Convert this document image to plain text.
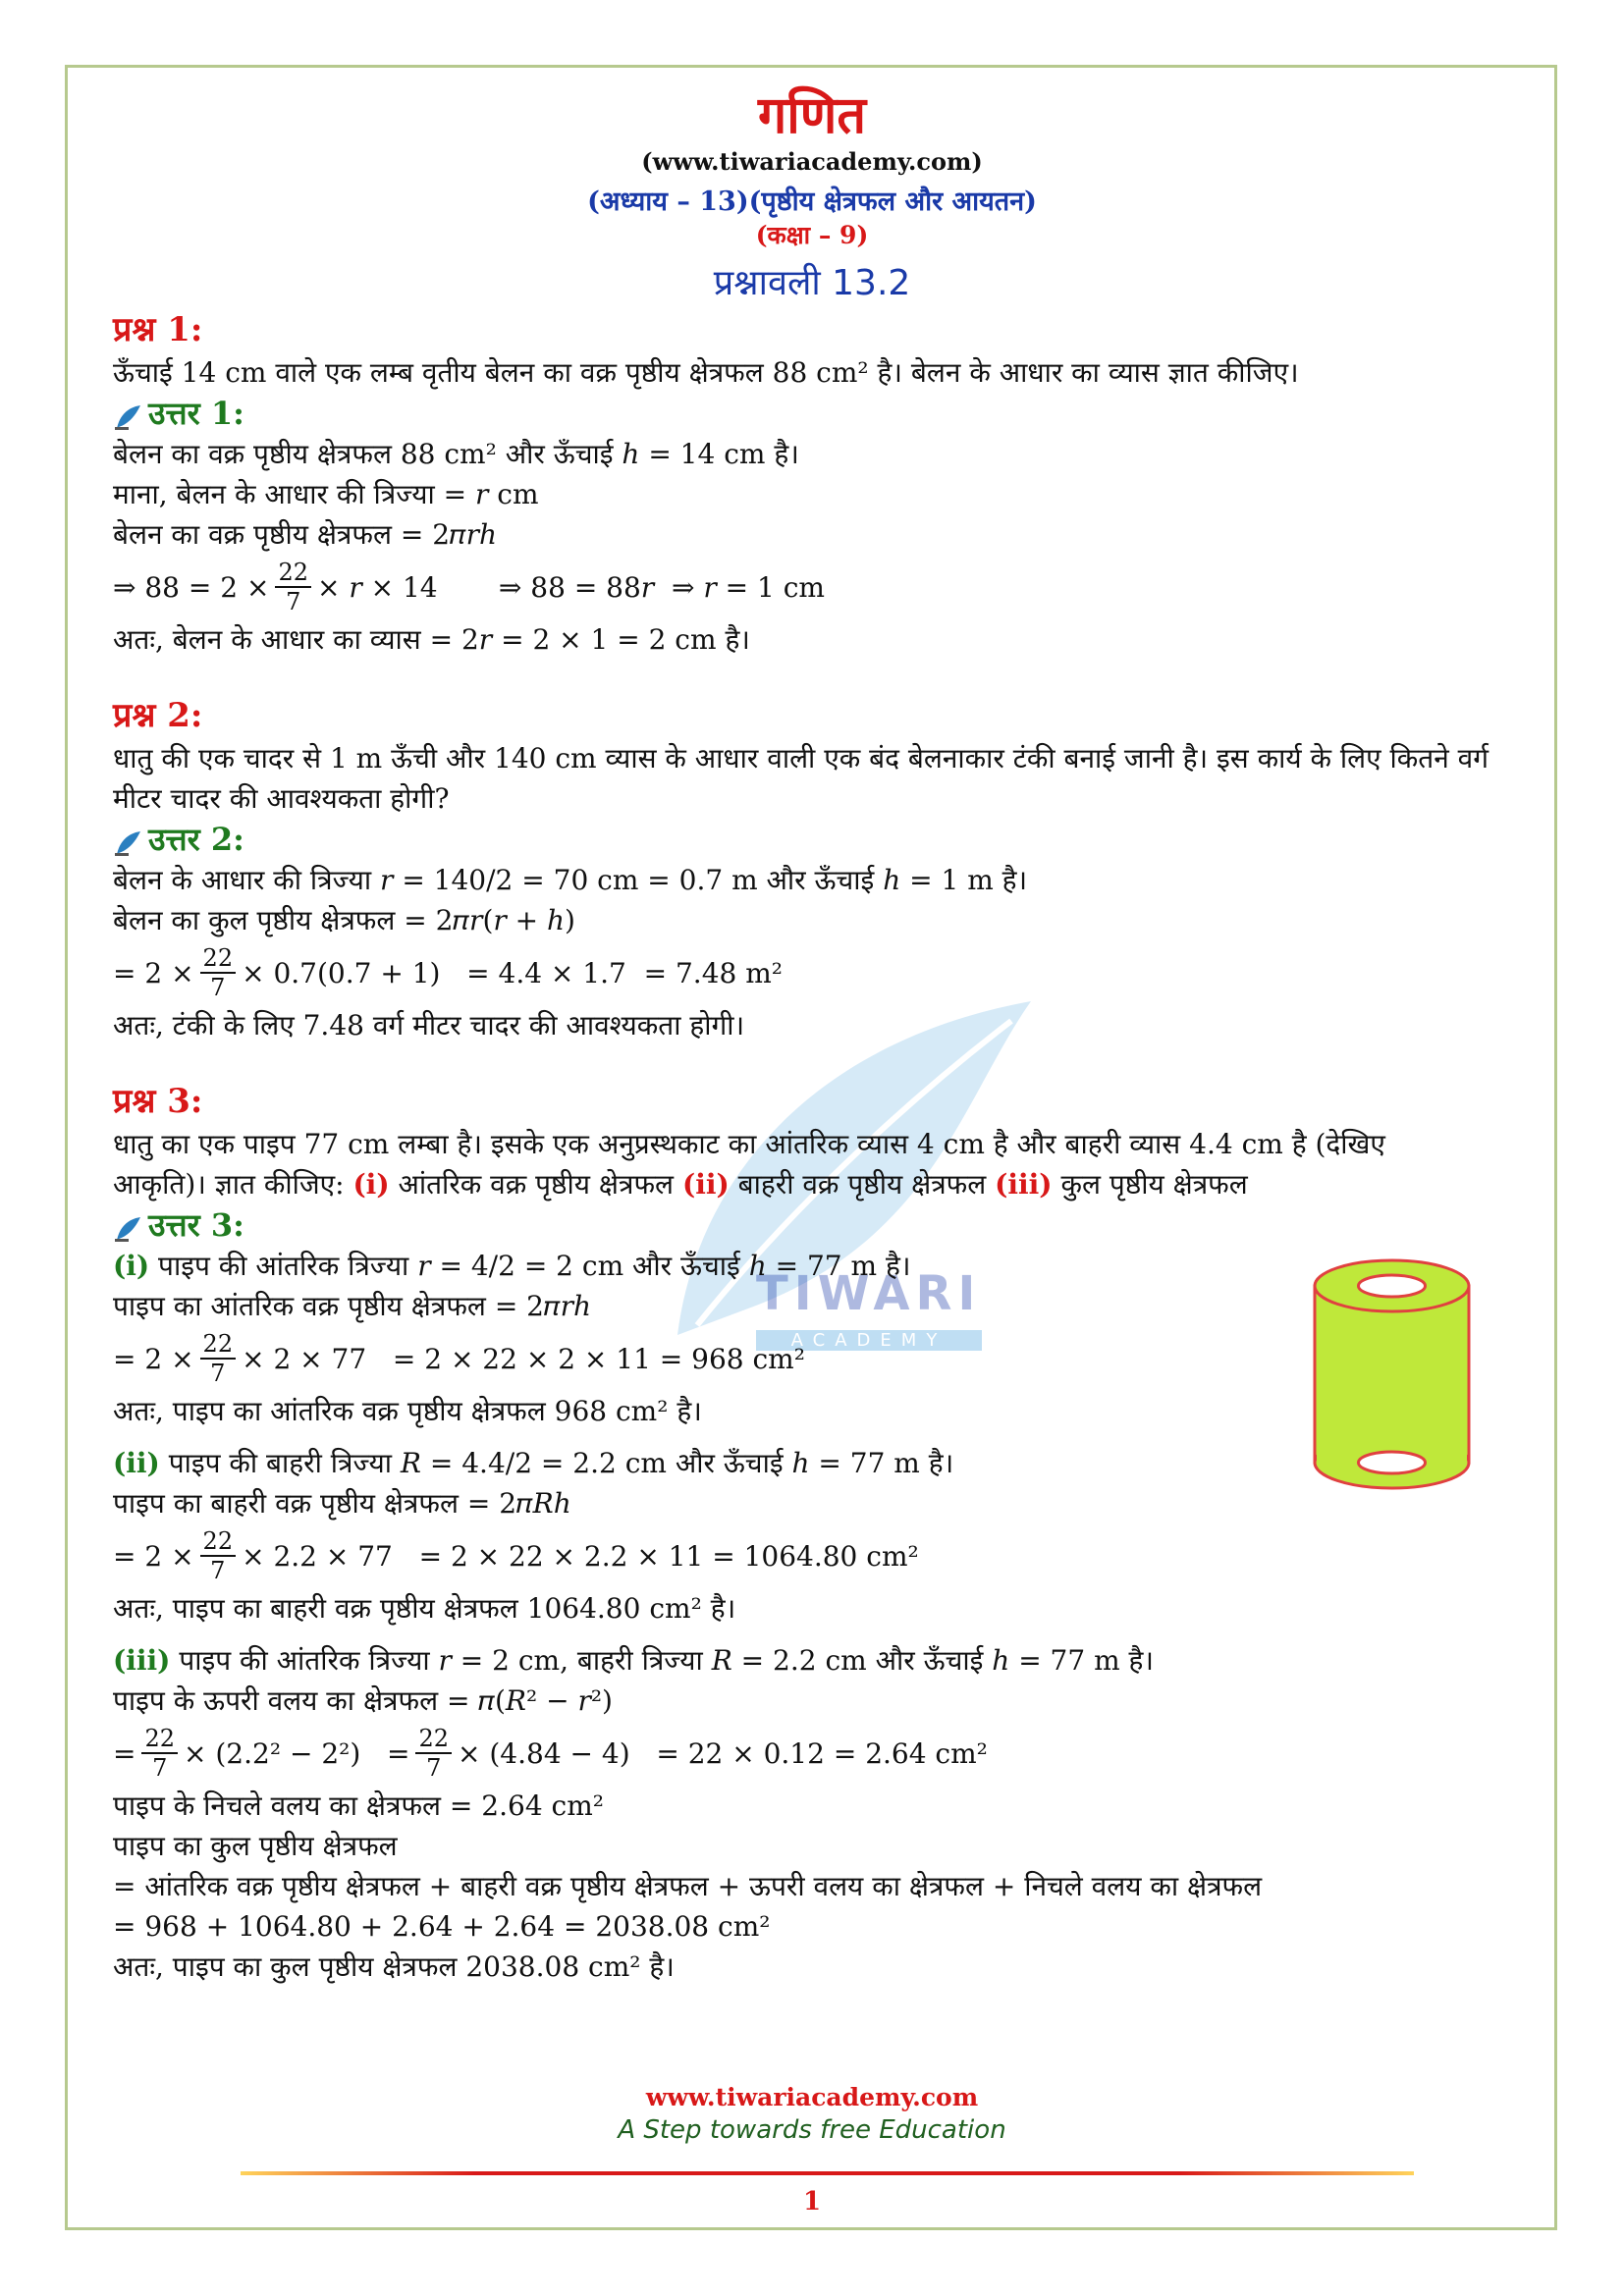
गणित
(www.tiwariacademy.com)
(अध्याय – 13)(पृष्ठीय क्षेत्रफल और आयतन)
(कक्षा – 9)
प्रश्नावली 13.2
TIWARI
ACADEMY
प्रश्न 1:
ऊँचाई 14 cm वाले एक लम्ब वृतीय बेलन का वक्र पृष्ठीय क्षेत्रफल 88 cm² है। बेलन के आधार का व्यास ज्ञात कीजिए।
उत्तर 1:
बेलन का वक्र पृष्ठीय क्षेत्रफल 88 cm² और ऊँचाई ℎ = 14 cm है।
माना, बेलन के आधार की त्रिज्या = 𝑟 cm
बेलन का वक्र पृष्ठीय क्षेत्रफल = 2𝜋𝑟ℎ
⇒ $88 = 2 \times \frac{22}{7}$ × 𝑟 × 14       ⇒ 88 = 88𝑟  ⇒ 𝑟 = 1 cm
अतः, बेलन के आधार का व्यास = 2𝑟 = 2 × 1 = 2 cm है।
प्रश्न 2:
धातु की एक चादर से 1 m ऊँची और 140 cm व्यास के आधार वाली एक बंद बेलनाकार टंकी बनाई जानी है। इस कार्य के लिए कितने वर्ग मीटर चादर की आवश्यकता होगी?
उत्तर 2:
बेलन के आधार की त्रिज्या 𝑟 = 140/2 = 70 cm = 0.7 m और ऊँचाई ℎ = 1 m है।
बेलन का कुल पृष्ठीय क्षेत्रफल = 2𝜋𝑟(𝑟 + ℎ)
= $2 \times \frac{22}{7} \times 0.7(0.7 + 1) = 4.4 \times 1.7 = 7.48$ m²
अतः, टंकी के लिए 7.48 वर्ग मीटर चादर की आवश्यकता होगी।
प्रश्न 3:
धातु का एक पाइप 77 cm लम्बा है। इसके एक अनुप्रस्थकाट का आंतरिक व्यास 4 cm है और बाहरी व्यास 4.4 cm है (देखिए
आकृति)। ज्ञात कीजिए: (i) आंतरिक वक्र पृष्ठीय क्षेत्रफल (ii) बाहरी वक्र पृष्ठीय क्षेत्रफल (iii) कुल पृष्ठीय क्षेत्रफल
उत्तर 3:
(i) पाइप की आंतरिक त्रिज्या 𝑟 = 4/2 = 2 cm और ऊँचाई ℎ = 77 m है।
पाइप का आंतरिक वक्र पृष्ठीय क्षेत्रफल = 2𝜋𝑟ℎ
= $2 \times \frac{22}{7} \times 2 \times 77 = 2 \times 22 \times 2 \times 11 = 968$ cm²
अतः, पाइप का आंतरिक वक्र पृष्ठीय क्षेत्रफल 968 cm² है।
(ii) पाइप की बाहरी त्रिज्या 𝑅 = 4.4/2 = 2.2 cm और ऊँचाई ℎ = 77 m है।
पाइप का बाहरी वक्र पृष्ठीय क्षेत्रफल = 2𝜋𝑅ℎ
= $2 \times \frac{22}{7} \times 2.2 \times 77 = 2 \times 22 \times 2.2 \times 11 = 1064.80$ cm²
अतः, पाइप का बाहरी वक्र पृष्ठीय क्षेत्रफल 1064.80 cm² है।
(iii) पाइप की आंतरिक त्रिज्या 𝑟 = 2 cm, बाहरी त्रिज्या 𝑅 = 2.2 cm और ऊँचाई ℎ = 77 m है।
पाइप के ऊपरी वलय का क्षेत्रफल = 𝜋(𝑅² − 𝑟²)
= $\frac{22}{7} \times (2.2^2 - 2^2) = \frac{22}{7} \times (4.84 - 4) = 22 \times 0.12 = 2.64$ cm²
पाइप के निचले वलय का क्षेत्रफल = 2.64 cm²
पाइप का कुल पृष्ठीय क्षेत्रफल
= आंतरिक वक्र पृष्ठीय क्षेत्रफल + बाहरी वक्र पृष्ठीय क्षेत्रफल + ऊपरी वलय का क्षेत्रफल + निचले वलय का क्षेत्रफल
= 968 + 1064.80 + 2.64 + 2.64 = 2038.08 cm²
अतः, पाइप का कुल पृष्ठीय क्षेत्रफल 2038.08 cm² है।
www.tiwariacademy.com
A Step towards free Education
1
